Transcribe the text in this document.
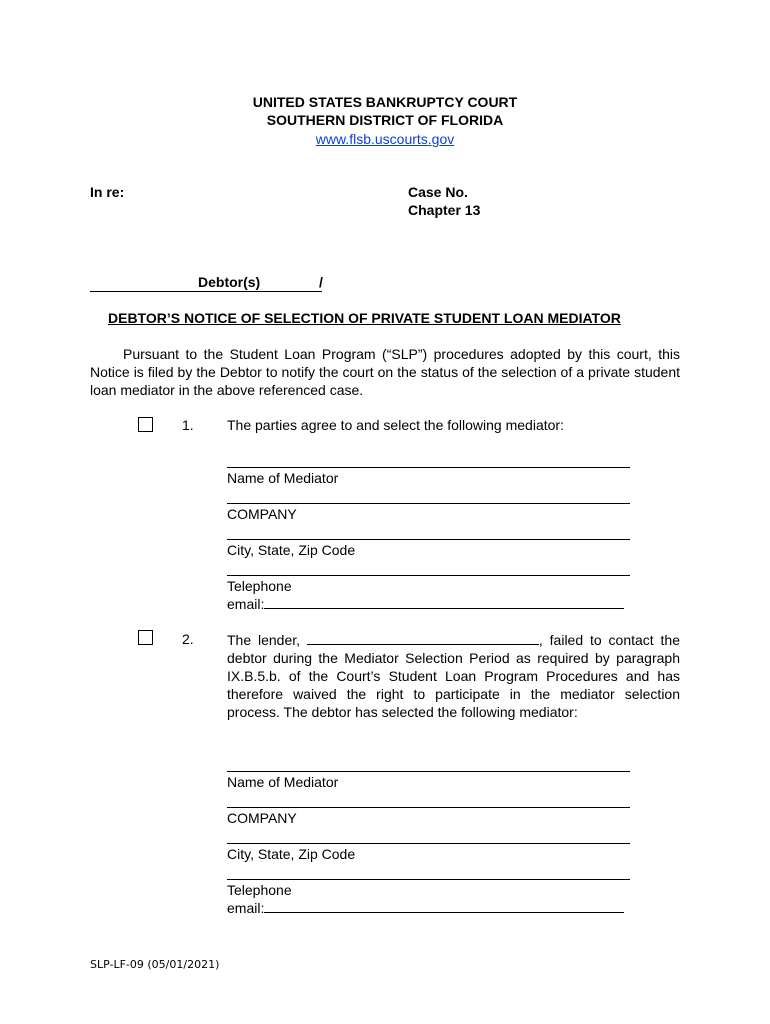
UNITED STATES BANKRUPTCY COURT
SOUTHERN DISTRICT OF FLORIDA
www.flsb.uscourts.gov
In re:	Case No.
Chapter 13
Debtor(s)	/
DEBTOR’S NOTICE OF SELECTION OF PRIVATE STUDENT LOAN MEDIATOR
Pursuant to the Student Loan Program (“SLP”) procedures adopted by this court, this Notice is filed by the Debtor to notify the court on the status of the selection of a private student loan mediator in the above referenced case.
1. The parties agree to and select the following mediator:
Name of Mediator
COMPANY
City, State, Zip Code
Telephone
email:
2. The lender,	, failed to contact the debtor during the Mediator Selection Period as required by paragraph IX.B.5.b. of the Court’s Student Loan Program Procedures and has therefore waived the right to participate in the mediator selection process. The debtor has selected the following mediator:
Name of Mediator
COMPANY
City, State, Zip Code
Telephone
email:
SLP-LF-09 (05/01/2021)
